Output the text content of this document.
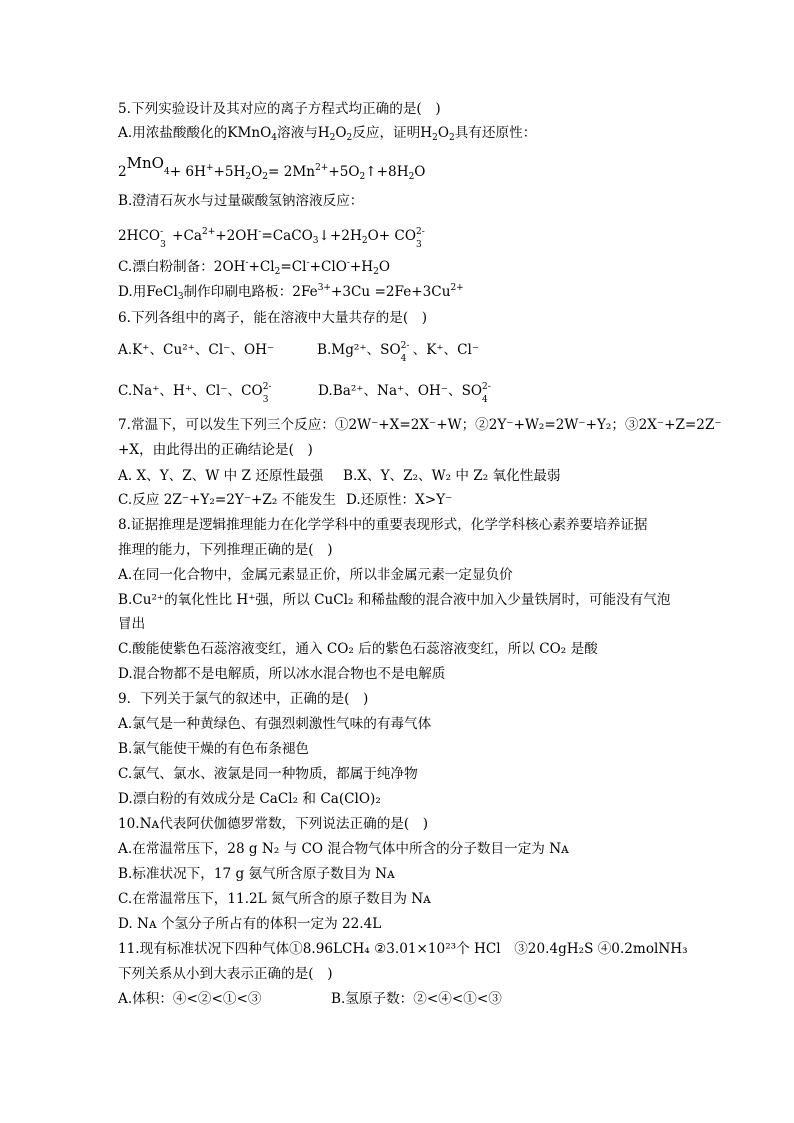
5.下列实验设计及其对应的离子方程式均正确的是(　)
A.用浓盐酸酸化的KMnO$_4$溶液与$H_2O_2$反应，证明$H_2O_2$具有还原性：
$2MnO_4+ 6H^++5H_2O_2=$ $2Mn^{2+}+5O_2↑+8H_2O$
B.澄清石灰水与过量碳酸氢钠溶液反应：
2HCO -
3
$+Ca^{2+}+2OH^-=CaCO_3↓+2H_2O+$ CO 2-
3
C.漂白粉制备：$2OH^-+Cl_2=Cl^-+ClO^-+H_2O$
D.用FeCl$_3$制作印刷电路板：$2Fe^{3+}+3Cu =2Fe+3Cu^{2+}$
6.下列各组中的离子，能在溶液中大量共存的是(　)
A.K⁺、Cu²⁺、Cl⁻、OH⁻	B.Mg²⁺、SO 2-
4
、K⁺、Cl⁻
C.Na⁺、H⁺、Cl⁻、CO 2-
3
D.Ba²⁺、Na⁺、OH⁻、SO 2-
4
7.常温下，可以发生下列三个反应：①2W⁻+X=2X⁻+W；②2Y⁻+W₂=2W⁻+Y₂；③2X⁻+Z=2Z⁻
+X，由此得出的正确结论是(　)
A. X、Y、Z、W 中 Z 还原性最强 B.X、Y、Z₂、W₂ 中 Z₂ 氧化性最弱
C.反应 2Z⁻+Y₂=2Y⁻+Z₂ 不能发生 D.还原性：X>Y⁻
8.证据推理是逻辑推理能力在化学学科中的重要表现形式，化学学科核心素养要培养证据
推理的能力，下列推理正确的是(　)
A.在同一化合物中，金属元素显正价，所以非金属元素一定显负价
B.Cu²⁺的氧化性比 H⁺强，所以 CuCl₂ 和稀盐酸的混合液中加入少量铁屑时，可能没有气泡
冒出
C.酸能使紫色石蕊溶液变红，通入 CO₂ 后的紫色石蕊溶液变红，所以 CO₂ 是酸
D.混合物都不是电解质，所以冰水混合物也不是电解质
9．下列关于氯气的叙述中，正确的是(　)
A.氯气是一种黄绿色、有强烈刺激性气味的有毒气体
B.氯气能使干燥的有色布条褪色
C.氯气、氯水、液氯是同一种物质，都属于纯净物
D.漂白粉的有效成分是 CaCl₂ 和 Ca(ClO)₂
10.Nᴀ代表阿伏伽德罗常数，下列说法正确的是(　)
A.在常温常压下，28 g N₂ 与 CO 混合物气体中所含的分子数目一定为 Nᴀ
B.标准状况下，17 g 氨气所含原子数目为 Nᴀ
C.在常温常压下，11.2L 氮气所含的原子数目为 Nᴀ
D. Nᴀ 个氢分子所占有的体积一定为 22.4L
11.现有标准状况下四种气体①8.96LCH₄ ②3.01×10²³个 HCl　③20.4gH₂S ④0.2molNH₃
下列关系从小到大表示正确的是(　)
A.体积：④<②<①<③	B.氢原子数：②<④<①<③
